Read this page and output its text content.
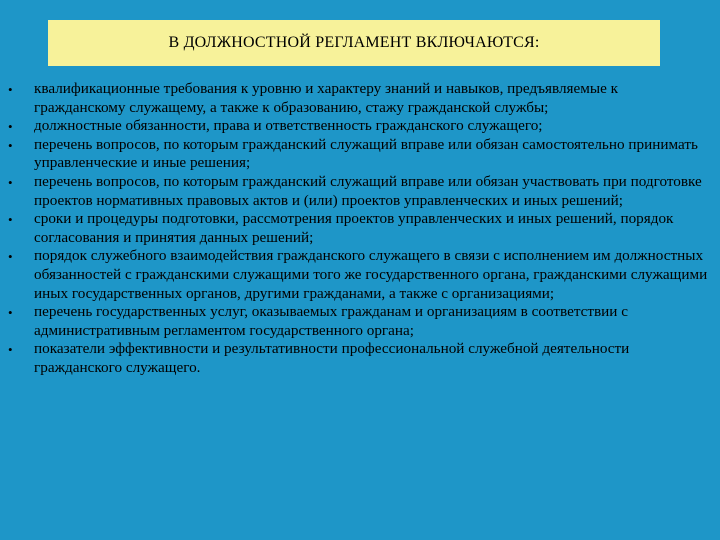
В ДОЛЖНОСТНОЙ РЕГЛАМЕНТ ВКЛЮЧАЮТСЯ:
•	квалификационные требования к уровню и характеру знаний и навыков, предъявляемые к гражданскому служащему, а также к образованию, стажу гражданской службы;
•	должностные обязанности, права и ответственность гражданского служащего;
•	перечень вопросов, по которым гражданский служащий вправе или обязан самостоятельно принимать управленческие и иные решения;
•	перечень вопросов, по которым гражданский служащий вправе или обязан участвовать при подготовке проектов нормативных правовых актов и (или) проектов управленческих и иных решений;
•	сроки и процедуры подготовки, рассмотрения проектов управленческих и иных решений, порядок согласования и принятия данных решений;
•	порядок служебного взаимодействия гражданского служащего в связи с исполнением им должностных обязанностей с гражданскими служащими того же государственного органа, гражданскими служащими иных государственных органов, другими гражданами, а также с организациями;
•	перечень государственных услуг, оказываемых гражданам и организациям в соответствии с административным регламентом государственного органа;
•	показатели эффективности и результативности профессиональной служебной деятельности гражданского служащего.
